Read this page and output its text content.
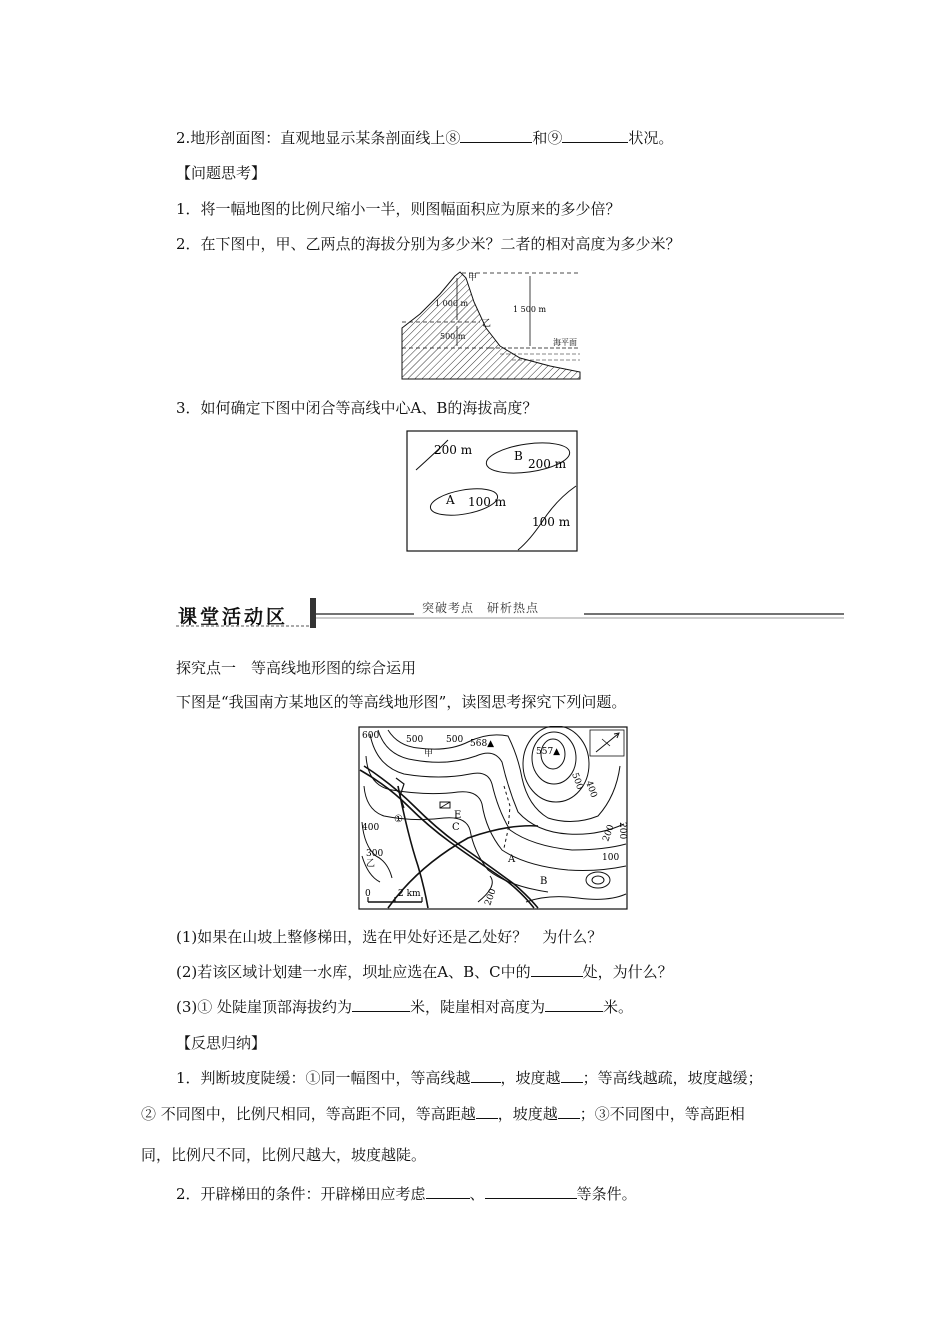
2.地形剖面图：直观地显示某条剖面线上⑧	和⑨	状况。
【问题思考】
1．将一幅地图的比例尺缩小一半，则图幅面积应为原来的多少倍？
2．在下图中，甲、乙两点的海拔分别为多少米？二者的相对高度为多少米？
甲
乙
1 000 m
500 m
1 500 m
海平面
3．如何确定下图中闭合等高线中心A、B的海拔高度？
200 m	B
200 m
A 100 m
100 m
课堂活动区	突破考点　研析热点
探究点一　等高线地形图的综合运用
下图是“我国南方某地区的等高线地形图”，读图思考探究下列问题。
600	500	500 568▲
557▲
500
400
甲
E
C
①
400
300
乙	A
B
200
200
100
200
0	2 km
(1)如果在山坡上整修梯田，选在甲处好还是乙处好？　为什么？
(2)若该区域计划建一水库，坝址应选在A、B、C中的	处，为什么？
(3)① 处陡崖顶部海拔约为	米，陡崖相对高度为	米。
【反思归纳】
1．判断坡度陡缓：①同一幅图中，等高线越 ，坡度越 ；等高线越疏，坡度越缓；
② 不同图中，比例尺相同，等高距不同，等高距越 ，坡度越 ；③不同图中，等高距相
同，比例尺不同，比例尺越大，坡度越陡。
2．开辟梯田的条件：开辟梯田应考虑	、	等条件。
